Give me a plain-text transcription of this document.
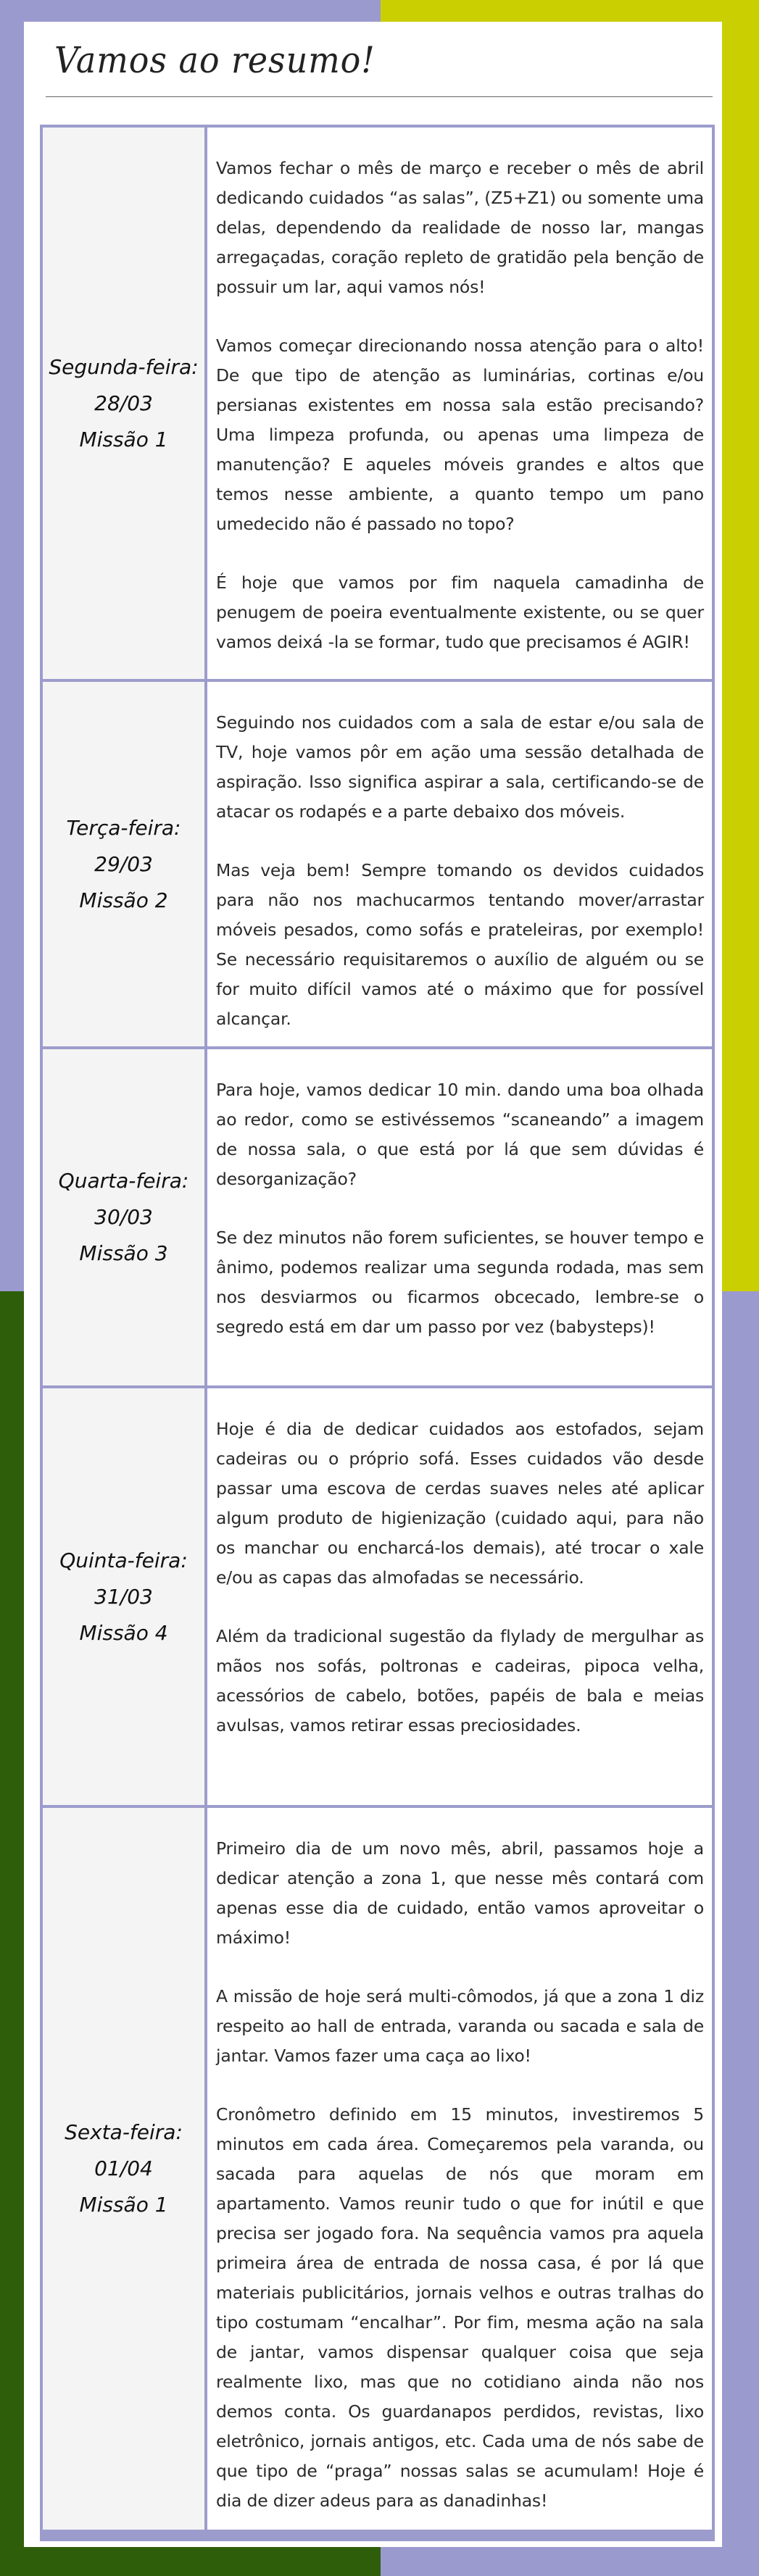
Vamos ao resumo!
Segunda-feira:
28/03
Missão 1

Vamos fechar o mês de março e receber o mês de abril dedicando cuidados “as salas”, (Z5+Z1) ou somente uma delas, dependendo da realidade de nosso lar, mangas arregaçadas, coração repleto de gratidão pela benção de possuir um lar, aqui vamos nós!

Vamos começar direcionando nossa atenção para o alto! De que tipo de atenção as luminárias, cortinas e/ou persianas existentes em nossa sala estão precisando? Uma limpeza profunda, ou apenas uma limpeza de manutenção? E aqueles móveis grandes e altos que temos nesse ambiente, a quanto tempo um pano umedecido não é passado no topo?

É hoje que vamos por fim naquela camadinha de penugem de poeira eventualmente existente, ou se quer vamos deixá -la se formar, tudo que precisamos é AGIR!

Terça-feira:
29/03
Missão 2

Seguindo nos cuidados com a sala de estar e/ou sala de TV, hoje vamos pôr em ação uma sessão detalhada de aspiração. Isso significa aspirar a sala, certificando-se de atacar os rodapés e a parte debaixo dos móveis.

Mas veja bem! Sempre tomando os devidos cuidados para não nos machucarmos tentando mover/arrastar móveis pesados, como sofás e prateleiras, por exemplo! Se necessário requisitaremos o auxílio de alguém ou se for muito difícil vamos até o máximo que for possível alcançar.

Quarta-feira:
30/03
Missão 3

Para hoje, vamos dedicar 10 min. dando uma boa olhada ao redor, como se estivéssemos “scaneando” a imagem de nossa sala, o que está por lá que sem dúvidas é desorganização?

Se dez minutos não forem suficientes, se houver tempo e ânimo, podemos realizar uma segunda rodada, mas sem nos desviarmos ou ficarmos obcecado, lembre-se o segredo está em dar um passo por vez (babysteps)!

Quinta-feira:
31/03
Missão 4

Hoje é dia de dedicar cuidados aos estofados, sejam cadeiras ou o próprio sofá. Esses cuidados vão desde passar uma escova de cerdas suaves neles até aplicar algum produto de higienização (cuidado aqui, para não os manchar ou encharcá-los demais), até trocar o xale e/ou as capas das almofadas se necessário.

Além da tradicional sugestão da flylady de mergulhar as mãos nos sofás, poltronas e cadeiras, pipoca velha, acessórios de cabelo, botões, papéis de bala e meias avulsas, vamos retirar essas preciosidades.

Sexta-feira:
01/04
Missão 1

Primeiro dia de um novo mês, abril, passamos hoje a dedicar atenção a zona 1, que nesse mês contará com apenas esse dia de cuidado, então vamos aproveitar o máximo!

A missão de hoje será multi-cômodos, já que a zona 1 diz respeito ao hall de entrada, varanda ou sacada e sala de jantar. Vamos fazer uma caça ao lixo!

Cronômetro definido em 15 minutos, investiremos 5 minutos em cada área. Começaremos pela varanda, ou sacada para aquelas de nós que moram em apartamento. Vamos reunir tudo o que for inútil e que precisa ser jogado fora. Na sequência vamos pra aquela primeira área de entrada de nossa casa, é por lá que materiais publicitários, jornais velhos e outras tralhas do tipo costumam “encalhar”. Por fim, mesma ação na sala de jantar, vamos dispensar qualquer coisa que seja realmente lixo, mas que no cotidiano ainda não nos demos conta. Os guardanapos perdidos, revistas, lixo eletrônico, jornais antigos, etc. Cada uma de nós sabe de que tipo de “praga” nossas salas se acumulam! Hoje é dia de dizer adeus para as danadinhas!
